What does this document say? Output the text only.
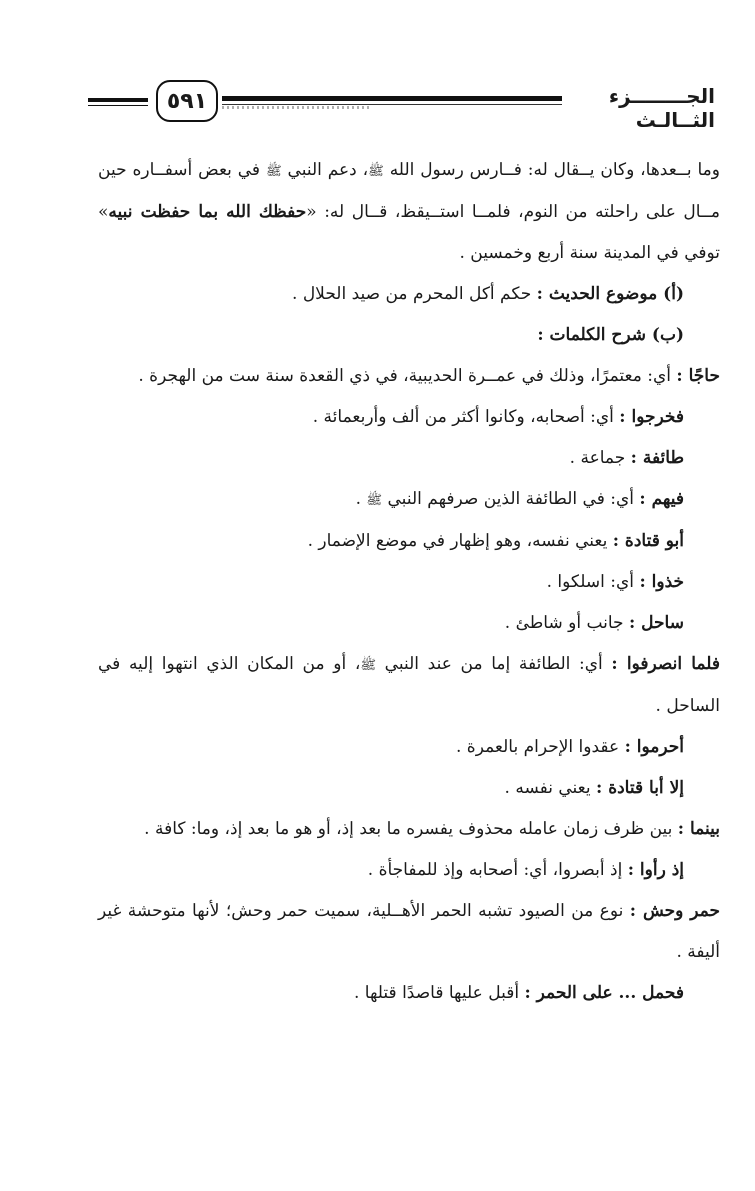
٥٩١	الجــــــــزء الثــالـث

وما بــعدها، وكان يــقال له: فــارس رسول الله ﷺ، دعم النبي ﷺ في بعض أسفــاره حين مــال على راحلته من النوم، فلمــا استــيقظ، قــال له: «حفظك الله بما حفظت نبيه» توفي في المدينة سنة أربع وخمسين .

(أ) موضوع الحديث : حكم أكل المحرم من صيد الحلال .

(ب) شرح الكلمات :

حاجًا : أي: معتمرًا، وذلك في عمــرة الحديبية، في ذي القعدة سنة ست من الهجرة .

فخرجوا : أي: أصحابه، وكانوا أكثر من ألف وأربعمائة .

طائفة : جماعة .

فيهم : أي: في الطائفة الذين صرفهم النبي ﷺ .

أبو قتادة : يعني نفسه، وهو إظهار في موضع الإضمار .

خذوا : أي: اسلكوا .

ساحل : جانب أو شاطئ .

فلما انصرفوا : أي: الطائفة إما من عند النبي ﷺ، أو من المكان الذي انتهوا إليه في الساحل .

أحرموا : عقدوا الإحرام بالعمرة .

إلا أبا قتادة : يعني نفسه .

بينما : بين ظرف زمان عامله محذوف يفسره ما بعد إذ، أو هو ما بعد إذ، وما: كافة .

إذ رأوا : إذ أبصروا، أي: أصحابه وإذ للمفاجأة .

حمر وحش : نوع من الصيود تشبه الحمر الأهــلية، سميت حمر وحش؛ لأنها متوحشة غير أليفة .

فحمل ... على الحمر : أقبل عليها قاصدًا قتلها .
